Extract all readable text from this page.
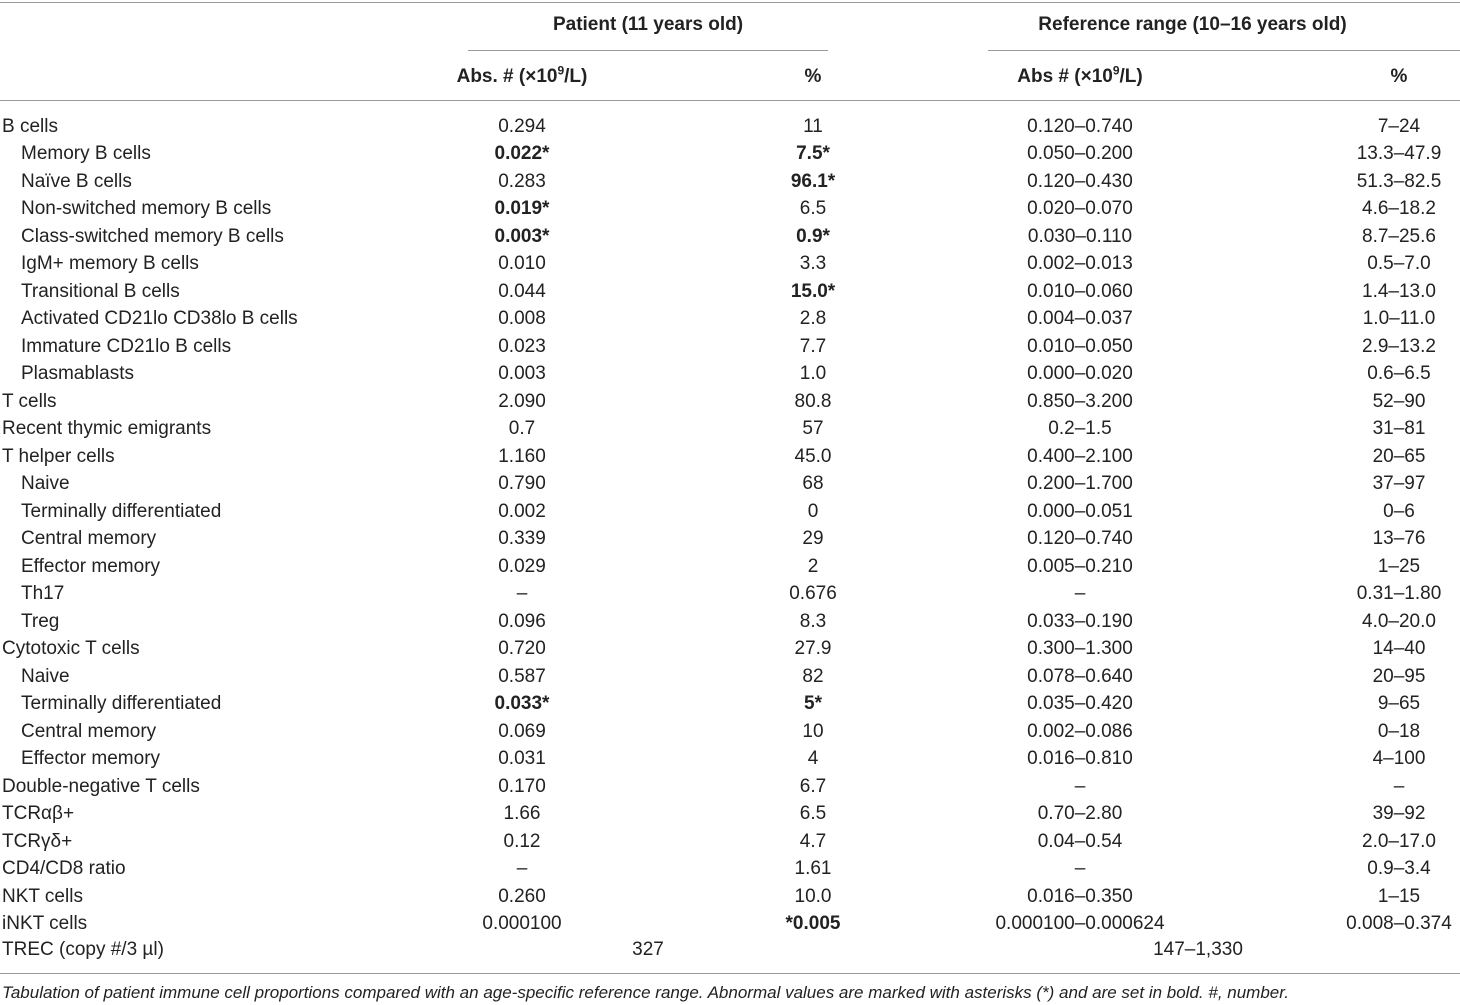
Patient (11 years old)	Reference range (10–16 years old)
Abs. # $(\times 10^9/L)$	%	Abs # $(\times 10^9/L)$	%
B cells	0.294	11	0.120–0.740	7–24
Memory B cells	0.022*	7.5*	0.050–0.200	13.3–47.9
Naïve B cells	0.283	96.1*	0.120–0.430	51.3–82.5
Non-switched memory B cells	0.019*	6.5	0.020–0.070	4.6–18.2
Class-switched memory B cells	0.003*	0.9*	0.030–0.110	8.7–25.6
IgM+ memory B cells	0.010	3.3	0.002–0.013	0.5–7.0
Transitional B cells	0.044	15.0*	0.010–0.060	1.4–13.0
Activated CD21lo CD38lo B cells	0.008	2.8	0.004–0.037	1.0–11.0
Immature CD21lo B cells	0.023	7.7	0.010–0.050	2.9–13.2
Plasmablasts	0.003	1.0	0.000–0.020	0.6–6.5
T cells	2.090	80.8	0.850–3.200	52–90
Recent thymic emigrants	0.7	57	0.2–1.5	31–81
T helper cells	1.160	45.0	0.400–2.100	20–65
Naive	0.790	68	0.200–1.700	37–97
Terminally differentiated	0.002	0	0.000–0.051	0–6
Central memory	0.339	29	0.120–0.740	13–76
Effector memory	0.029	2	0.005–0.210	1–25
Th17	–	0.676	–	0.31–1.80
Treg	0.096	8.3	0.033–0.190	4.0–20.0
Cytotoxic T cells	0.720	27.9	0.300–1.300	14–40
Naive	0.587	82	0.078–0.640	20–95
Terminally differentiated	0.033*	5*	0.035–0.420	9–65
Central memory	0.069	10	0.002–0.086	0–18
Effector memory	0.031	4	0.016–0.810	4–100
Double-negative T cells	0.170	6.7	–	–
TCRαβ+	1.66	6.5	0.70–2.80	39–92
TCRγδ+	0.12	4.7	0.04–0.54	2.0–17.0
CD4/CD8 ratio	–	1.61	–	0.9–3.4
NKT cells	0.260	10.0	0.016–0.350	1–15
iNKT cells	0.000100	*0.005	0.000100–0.000624	0.008–0.374
TREC (copy #/3 µl)	327	147–1,330
Tabulation of patient immune cell proportions compared with an age-specific reference range. Abnormal values are marked with asterisks (*) and are set in bold. #, number.
